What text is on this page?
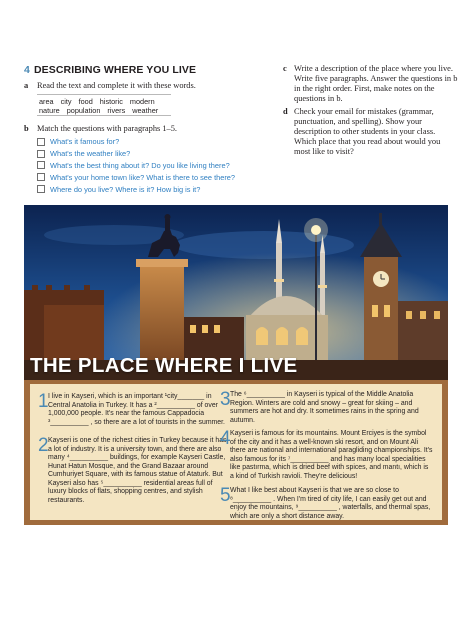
4 DESCRIBING WHERE YOU LIVE
a	Read the text and complete it with these words.
area city food historic modern
nature population rivers weather
b Match the questions with paragraphs 1–5.
What's it famous for?
What's the weather like?
What's the best thing about it? Do you like living there?
What's your home town like? What is there to see there?
Where do you live? Where is it? How big is it?
c Write a description of the place where you live. Write five paragraphs. Answer the questions in b in the right order. First, make notes on the questions in b.
d Check your email for mistakes (grammar, punctuation, and spelling). Show your description to other students in your class. Which place that you read about would you most like to visit?
THE PLACE WHERE I LIVE
1 I live in Kayseri, which is an important ¹city_______ in Central Anatolia in Turkey. It has a ²__________ of over 1,000,000 people. It's near the famous Cappadocia ³__________ , so there are a lot of tourists in the summer.
2 Kayseri is one of the richest cities in Turkey because it has a lot of industry. It is a university town, and there are also many ⁴__________ buildings, for example Kayseri Castle, Hunat Hatun Mosque, and the Grand Bazaar around Cumhuriyet Square, with its famous statue of Ataturk. But Kayseri also has ⁵__________ residential areas full of luxury blocks of flats, shopping centres, and stylish restaurants.
3 The ⁶__________ in Kayseri is typical of the Middle Anatolia Region. Winters are cold and snowy – great for skiing – and summers are hot and dry. It sometimes rains in the spring and autumn.
4 Kayseri is famous for its mountains. Mount Erciyes is the symbol of the city and it has a well-known ski resort, and on Mount Ali there are national and international paragliding championships. It's also famous for its ⁷__________ and has many local specialities like pastırma, which is dried beef with spices, and mantı, which is a kind of Turkish ravioli. They're delicious!
5 What I like best about Kayseri is that we are so close to ⁸__________ . When I'm tired of city life, I can easily get out and enjoy the mountains, ⁹__________ , waterfalls, and thermal spas, which are only a short distance away.
